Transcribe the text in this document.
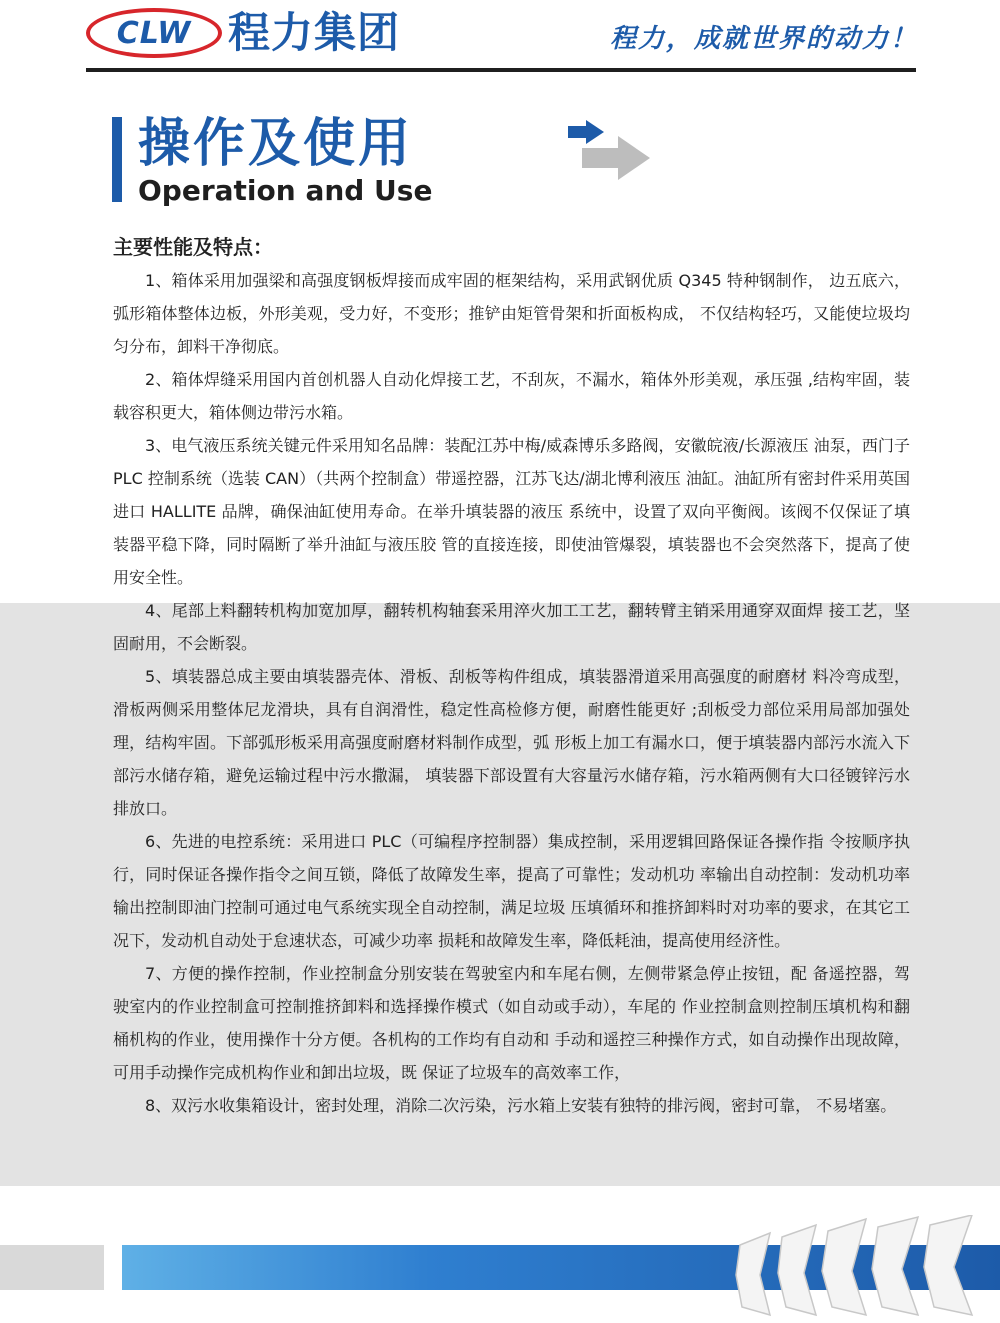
CLW 程力集团	程力，成就世界的动力！
操作及使用
Operation and Use
主要性能及特点：

1、箱体采用加强梁和高强度钢板焊接而成牢固的框架结构，采用武钢优质 Q345 特种钢制作， 边五底六，弧形箱体整体边板，外形美观，受力好，不变形；推铲由矩管骨架和折面板构成， 不仅结构轻巧，又能使垃圾均匀分布，卸料干净彻底。

2、箱体焊缝采用国内首创机器人自动化焊接工艺，不刮灰，不漏水，箱体外形美观，承压强 ,结构牢固，装载容积更大，箱体侧边带污水箱。

3、电气液压系统关键元件采用知名品牌：装配江苏中梅/威森博乐多路阀，安徽皖液/长源液压 油泵，西门子 PLC 控制系统（选装 CAN）（共两个控制盒）带遥控器，江苏飞达/湖北博利液压 油缸。油缸所有密封件采用英国进口 HALLITE 品牌，确保油缸使用寿命。在举升填装器的液压 系统中，设置了双向平衡阀。该阀不仅保证了填装器平稳下降，同时隔断了举升油缸与液压胶 管的直接连接，即使油管爆裂，填装器也不会突然落下，提高了使用安全性。

4、尾部上料翻转机构加宽加厚，翻转机构轴套采用淬火加工工艺，翻转臂主销采用通穿双面焊 接工艺，坚固耐用，不会断裂。

5、填装器总成主要由填装器壳体、滑板、刮板等构件组成，填装器滑道采用高强度的耐磨材 料冷弯成型，滑板两侧采用整体尼龙滑块，具有自润滑性，稳定性高检修方便，耐磨性能更好 ;刮板受力部位采用局部加强处理，结构牢固。下部弧形板采用高强度耐磨材料制作成型，弧 形板上加工有漏水口，便于填装器内部污水流入下部污水储存箱，避免运输过程中污水撒漏， 填装器下部设置有大容量污水储存箱，污水箱两侧有大口径镀锌污水排放口。

6、先进的电控系统：采用进口 PLC（可编程序控制器）集成控制，采用逻辑回路保证各操作指 令按顺序执行，同时保证各操作指令之间互锁，降低了故障发生率，提高了可靠性；发动机功 率输出自动控制：发动机功率输出控制即油门控制可通过电气系统实现全自动控制，满足垃圾 压填循环和推挤卸料时对功率的要求，在其它工况下，发动机自动处于怠速状态，可减少功率 损耗和故障发生率，降低耗油，提高使用经济性。

7、方便的操作控制，作业控制盒分别安装在驾驶室内和车尾右侧，左侧带紧急停止按钮，配 备遥控器，驾驶室内的作业控制盒可控制推挤卸料和选择操作模式（如自动或手动），车尾的 作业控制盒则控制压填机构和翻桶机构的作业，使用操作十分方便。各机构的工作均有自动和 手动和遥控三种操作方式，如自动操作出现故障，可用手动操作完成机构作业和卸出垃圾，既 保证了垃圾车的高效率工作，

8、双污水收集箱设计，密封处理，消除二次污染，污水箱上安装有独特的排污阀，密封可靠， 不易堵塞。
